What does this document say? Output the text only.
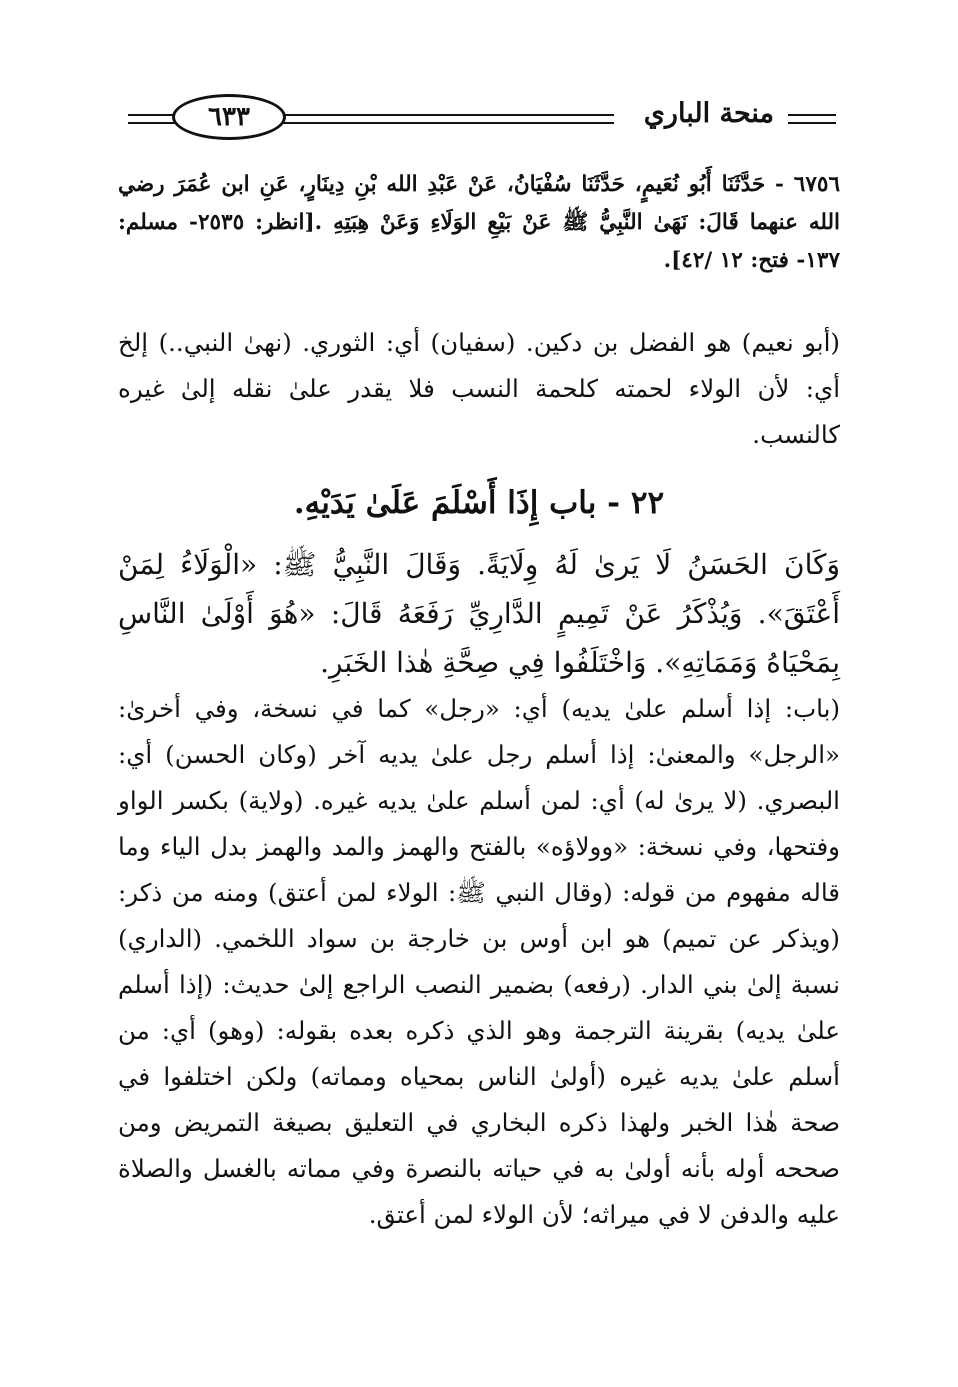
منحة الباري
٦٣٣

٦٧٥٦ - حَدَّثَنَا أَبُو نُعَيمٍ، حَدَّثَنَا سُفْيَانُ، عَنْ عَبْدِ الله بْنِ دِينَارٍ، عَنِ ابن عُمَرَ رضي الله عنهما قَالَ: نَهَىٰ النَّبِيُّ ﷺ عَنْ بَيْعِ الوَلَاءِ وَعَنْ هِبَتِهِ .[انظر: ٢٥٣٥- مسلم: ١٣٧- فتح: ١٢ /٤٢].

(أبو نعيم) هو الفضل بن دكين. (سفيان) أي: الثوري. (نهىٰ النبي..) إلخ أي: لأن الولاء لحمته كلحمة النسب فلا يقدر علىٰ نقله إلىٰ غيره كالنسب.

٢٢ - باب إِذَا أَسْلَمَ عَلَىٰ يَدَيْهِ.

وَكَانَ الحَسَنُ لَا يَرىٰ لَهُ وِلَايَةً. وَقَالَ النَّبِيُّ ﷺ: «الْوَلَاءُ لِمَنْ أَعْتَقَ». وَيُذْكَرُ عَنْ تَمِيمٍ الدَّارِيِّ رَفَعَهُ قَالَ: «هُوَ أَوْلَىٰ النَّاسِ بِمَحْيَاهُ وَمَمَاتِهِ». وَاخْتَلَفُوا فِي صِحَّةِ هٰذا الخَبَرِ.

(باب: إذا أسلم علىٰ يديه) أي: «رجل» كما في نسخة، وفي أخرىٰ: «الرجل» والمعنىٰ: إذا أسلم رجل علىٰ يديه آخر (وكان الحسن) أي: البصري. (لا يرىٰ له) أي: لمن أسلم علىٰ يديه غيره. (ولاية) بكسر الواو وفتحها، وفي نسخة: «وولاؤه» بالفتح والهمز والمد والهمز بدل الياء وما قاله مفهوم من قوله: (وقال النبي ﷺ: الولاء لمن أعتق) ومنه من ذكر: (ويذكر عن تميم) هو ابن أوس بن خارجة بن سواد اللخمي. (الداري) نسبة إلىٰ بني الدار. (رفعه) بضمير النصب الراجع إلىٰ حديث: (إذا أسلم علىٰ يديه) بقرينة الترجمة وهو الذي ذكره بعده بقوله: (وهو) أي: من أسلم علىٰ يديه غيره (أولىٰ الناس بمحياه ومماته) ولكن اختلفوا في صحة هٰذا الخبر ولهذا ذكره البخاري في التعليق بصيغة التمريض ومن صححه أوله بأنه أولىٰ به في حياته بالنصرة وفي مماته بالغسل والصلاة عليه والدفن لا في ميراثه؛ لأن الولاء لمن أعتق.
